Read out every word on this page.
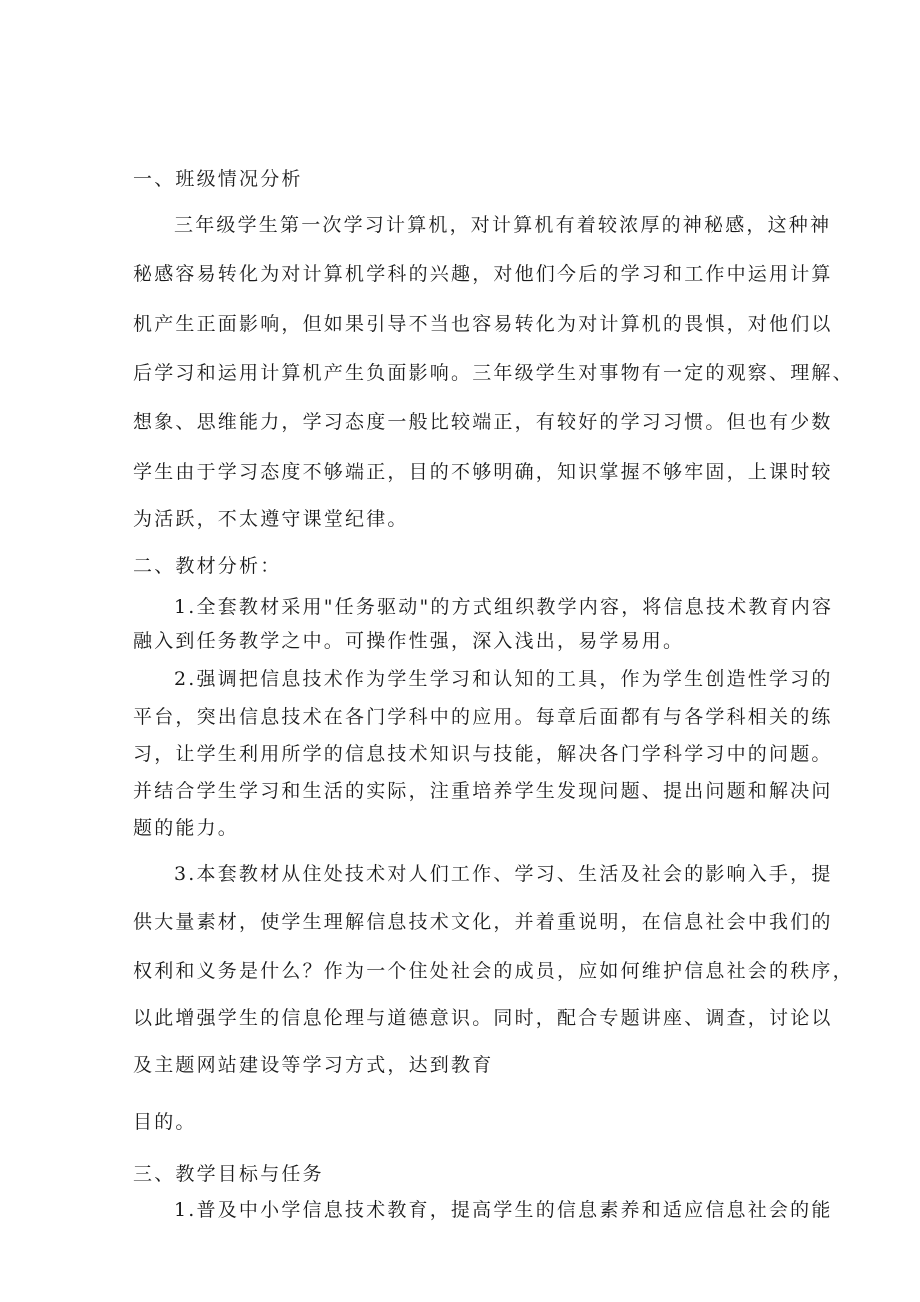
一、班级情况分析
三年级学生第一次学习计算机，对计算机有着较浓厚的神秘感，这种神
秘感容易转化为对计算机学科的兴趣，对他们今后的学习和工作中运用计算
机产生正面影响，但如果引导不当也容易转化为对计算机的畏惧，对他们以
后学习和运用计算机产生负面影响。三年级学生对事物有一定的观察、理解、
想象、思维能力，学习态度一般比较端正，有较好的学习习惯。但也有少数
学生由于学习态度不够端正，目的不够明确，知识掌握不够牢固，上课时较
为活跃，不太遵守课堂纪律。
二、教材分析：
1.全套教材采用"任务驱动"的方式组织教学内容，将信息技术教育内容
融入到任务教学之中。可操作性强，深入浅出，易学易用。
2.强调把信息技术作为学生学习和认知的工具，作为学生创造性学习的
平台，突出信息技术在各门学科中的应用。每章后面都有与各学科相关的练
习，让学生利用所学的信息技术知识与技能，解决各门学科学习中的问题。
并结合学生学习和生活的实际，注重培养学生发现问题、提出问题和解决问
题的能力。
3.本套教材从住处技术对人们工作、学习、生活及社会的影响入手，提
供大量素材，使学生理解信息技术文化，并着重说明，在信息社会中我们的
权利和义务是什么？作为一个住处社会的成员，应如何维护信息社会的秩序，
以此增强学生的信息伦理与道德意识。同时，配合专题讲座、调查，讨论以
及主题网站建设等学习方式，达到教育
目的。
三、教学目标与任务
1.普及中小学信息技术教育，提高学生的信息素养和适应信息社会的能
